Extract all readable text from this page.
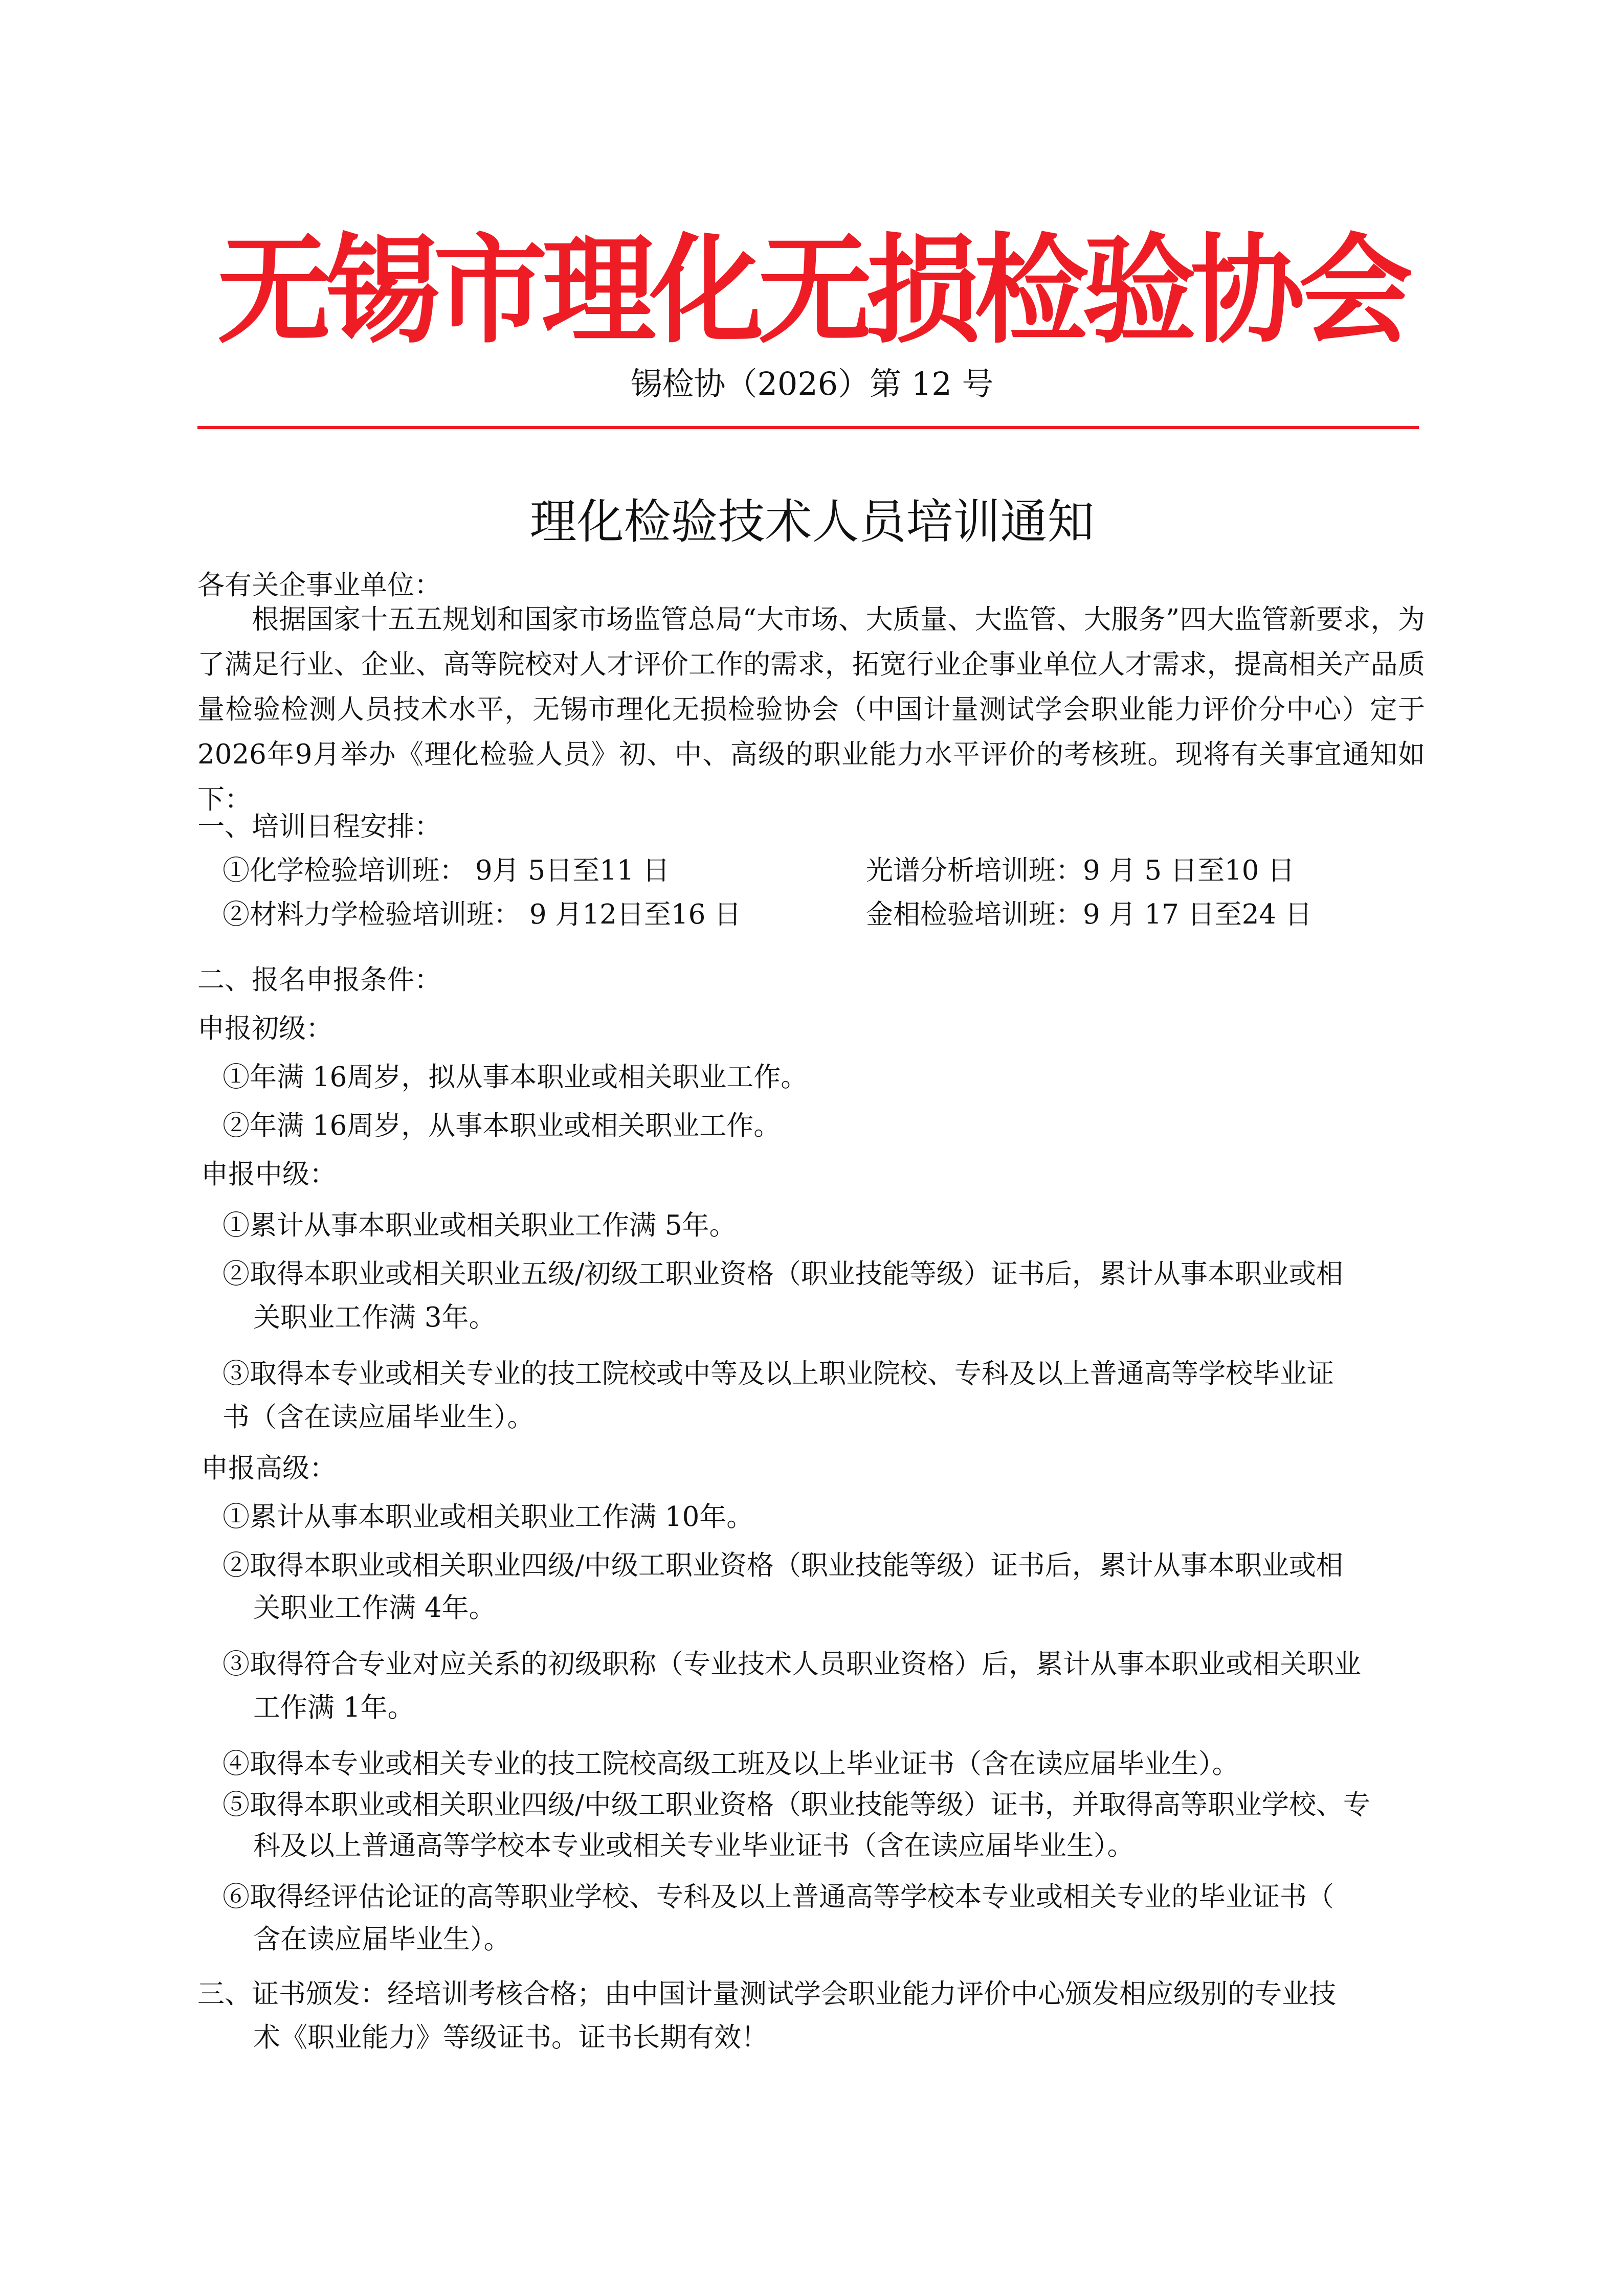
无锡市理化无损检验协会
锡检协（2026）第 12 号
理化检验技术人员培训通知
各有关企事业单位：
根据国家十五五规划和国家市场监管总局“大市场、大质量、大监管、大服务”四大监管新要求，为了满足行业、企业、高等院校对人才评价工作的需求，拓宽行业企事业单位人才需求，提高相关产品质量检验检测人员技术水平，无锡市理化无损检验协会（中国计量测试学会职业能力评价分中心）定于2026年9月举办《理化检验人员》初、中、高级的职业能力水平评价的考核班。现将有关事宜通知如下：
一、培训日程安排：
①化学检验培训班： 9月 5日至11 日	光谱分析培训班：9 月 5 日至10 日
②材料力学检验培训班： 9 月12日至16 日	金相检验培训班：9 月 17 日至24 日
二、报名申报条件：
申报初级：
①年满 16周岁，拟从事本职业或相关职业工作。
②年满 16周岁，从事本职业或相关职业工作。
申报中级：
①累计从事本职业或相关职业工作满 5年。
②取得本职业或相关职业五级/初级工职业资格（职业技能等级）证书后，累计从事本职业或相
关职业工作满 3年。
③取得本专业或相关专业的技工院校或中等及以上职业院校、专科及以上普通高等学校毕业证
书（含在读应届毕业生）。
申报高级：
①累计从事本职业或相关职业工作满 10年。
②取得本职业或相关职业四级/中级工职业资格（职业技能等级）证书后，累计从事本职业或相
关职业工作满 4年。
③取得符合专业对应关系的初级职称（专业技术人员职业资格）后，累计从事本职业或相关职业
工作满 1年。
④取得本专业或相关专业的技工院校高级工班及以上毕业证书（含在读应届毕业生）。
⑤取得本职业或相关职业四级/中级工职业资格（职业技能等级）证书，并取得高等职业学校、专
科及以上普通高等学校本专业或相关专业毕业证书（含在读应届毕业生）。
⑥取得经评估论证的高等职业学校、专科及以上普通高等学校本专业或相关专业的毕业证书（
含在读应届毕业生）。
三、证书颁发：经培训考核合格；由中国计量测试学会职业能力评价中心颁发相应级别的专业技
术《职业能力》等级证书。证书长期有效！
